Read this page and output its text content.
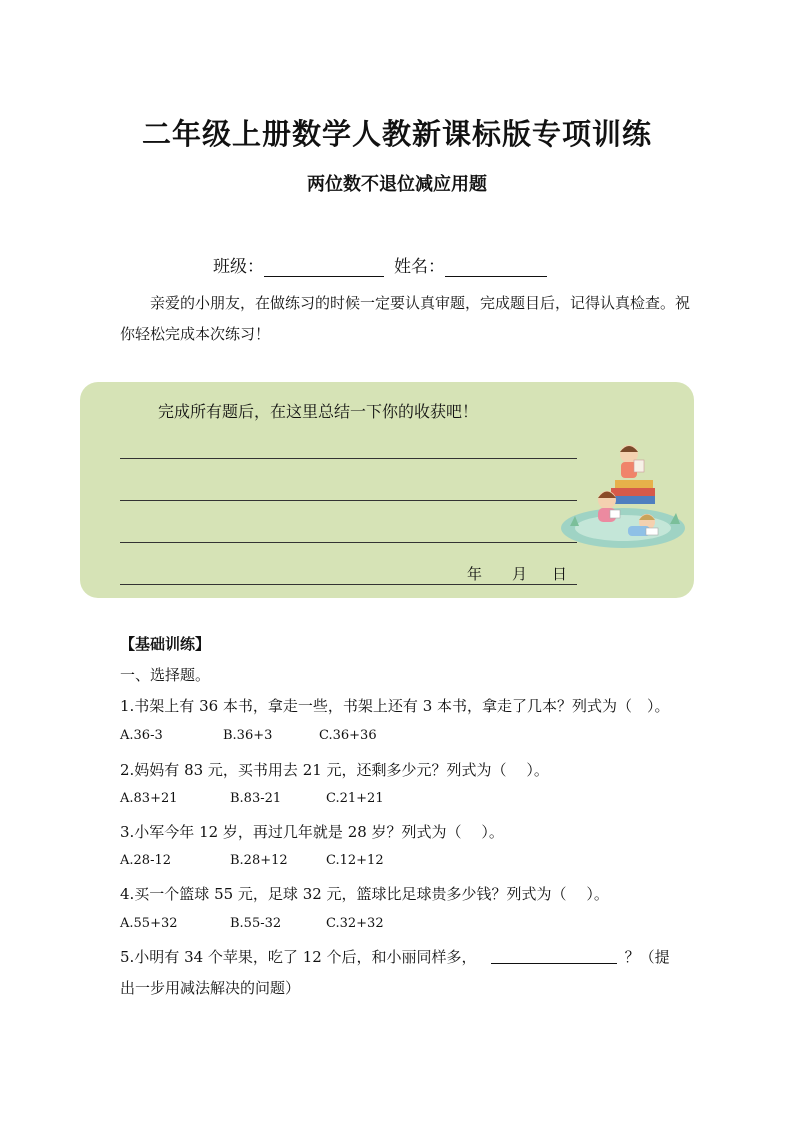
二年级上册数学人教新课标版专项训练
两位数不退位减应用题
班级：	姓名：
亲爱的小朋友，在做练习的时候一定要认真审题，完成题目后，记得认真检查。祝你轻松完成本次练习！
完成所有题后，在这里总结一下你的收获吧！
年 月 日
【基础训练】
一、选择题。
1.书架上有 36 本书，拿走一些，书架上还有 3 本书，拿走了几本？列式为（　）。
A.36-3	B.36+3	C.36+36
2.妈妈有 83 元，买书用去 21 元，还剩多少元？列式为（　 ）。
A.83+21	B.83-21	C.21+21
3.小军今年 12 岁，再过几年就是 28 岁？列式为（　 ）。
A.28-12	B.28+12	C.12+12
4.买一个篮球 55 元，足球 32 元，篮球比足球贵多少钱？列式为（　 ）。
A.55+32	B.55-32	C.32+32
5.小明有 34 个苹果，吃了 12 个后，和小丽同样多，	？（提
出一步用减法解决的问题）
